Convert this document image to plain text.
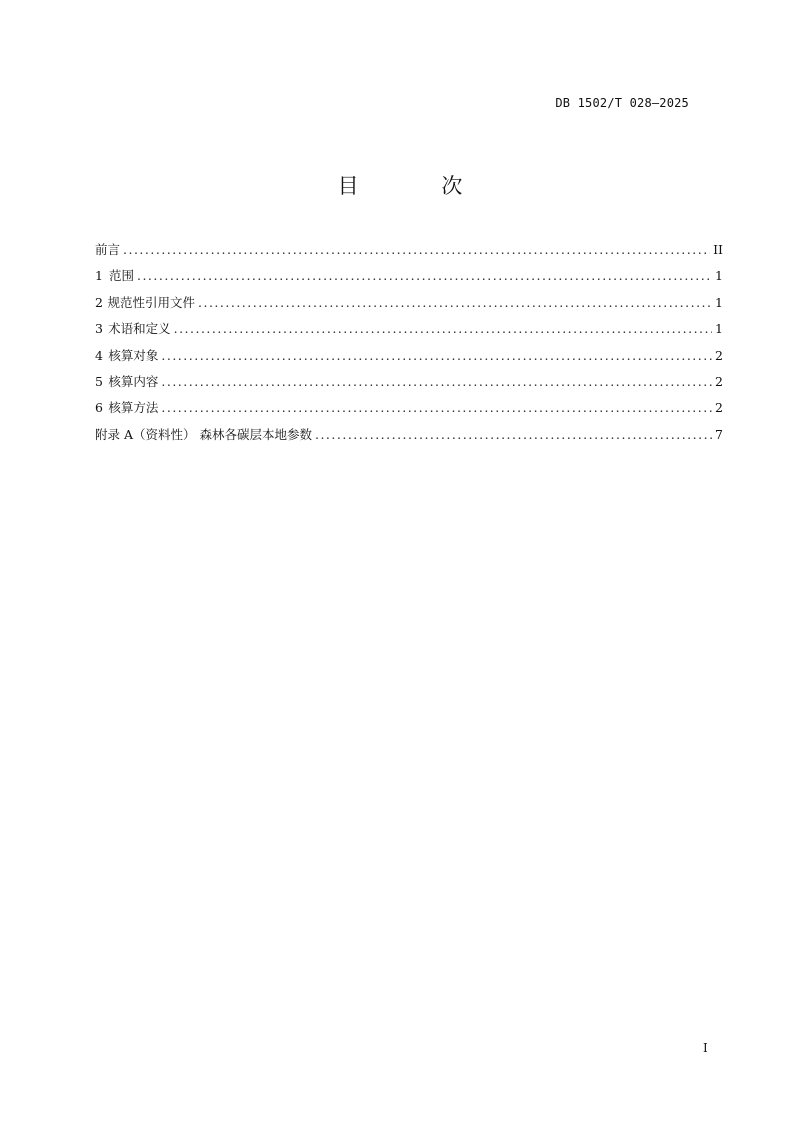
DB 1502/T 028—2025
目 次
前言 .....	II
1 范围 .....	1
2 规范性引用文件 .....	1
3 术语和定义 .....	1
4 核算对象 .....	2
5 核算内容 .....	2
6 核算方法 .....	2
附录 A（资料性） 森林各碳层本地参数 .....	7
I
